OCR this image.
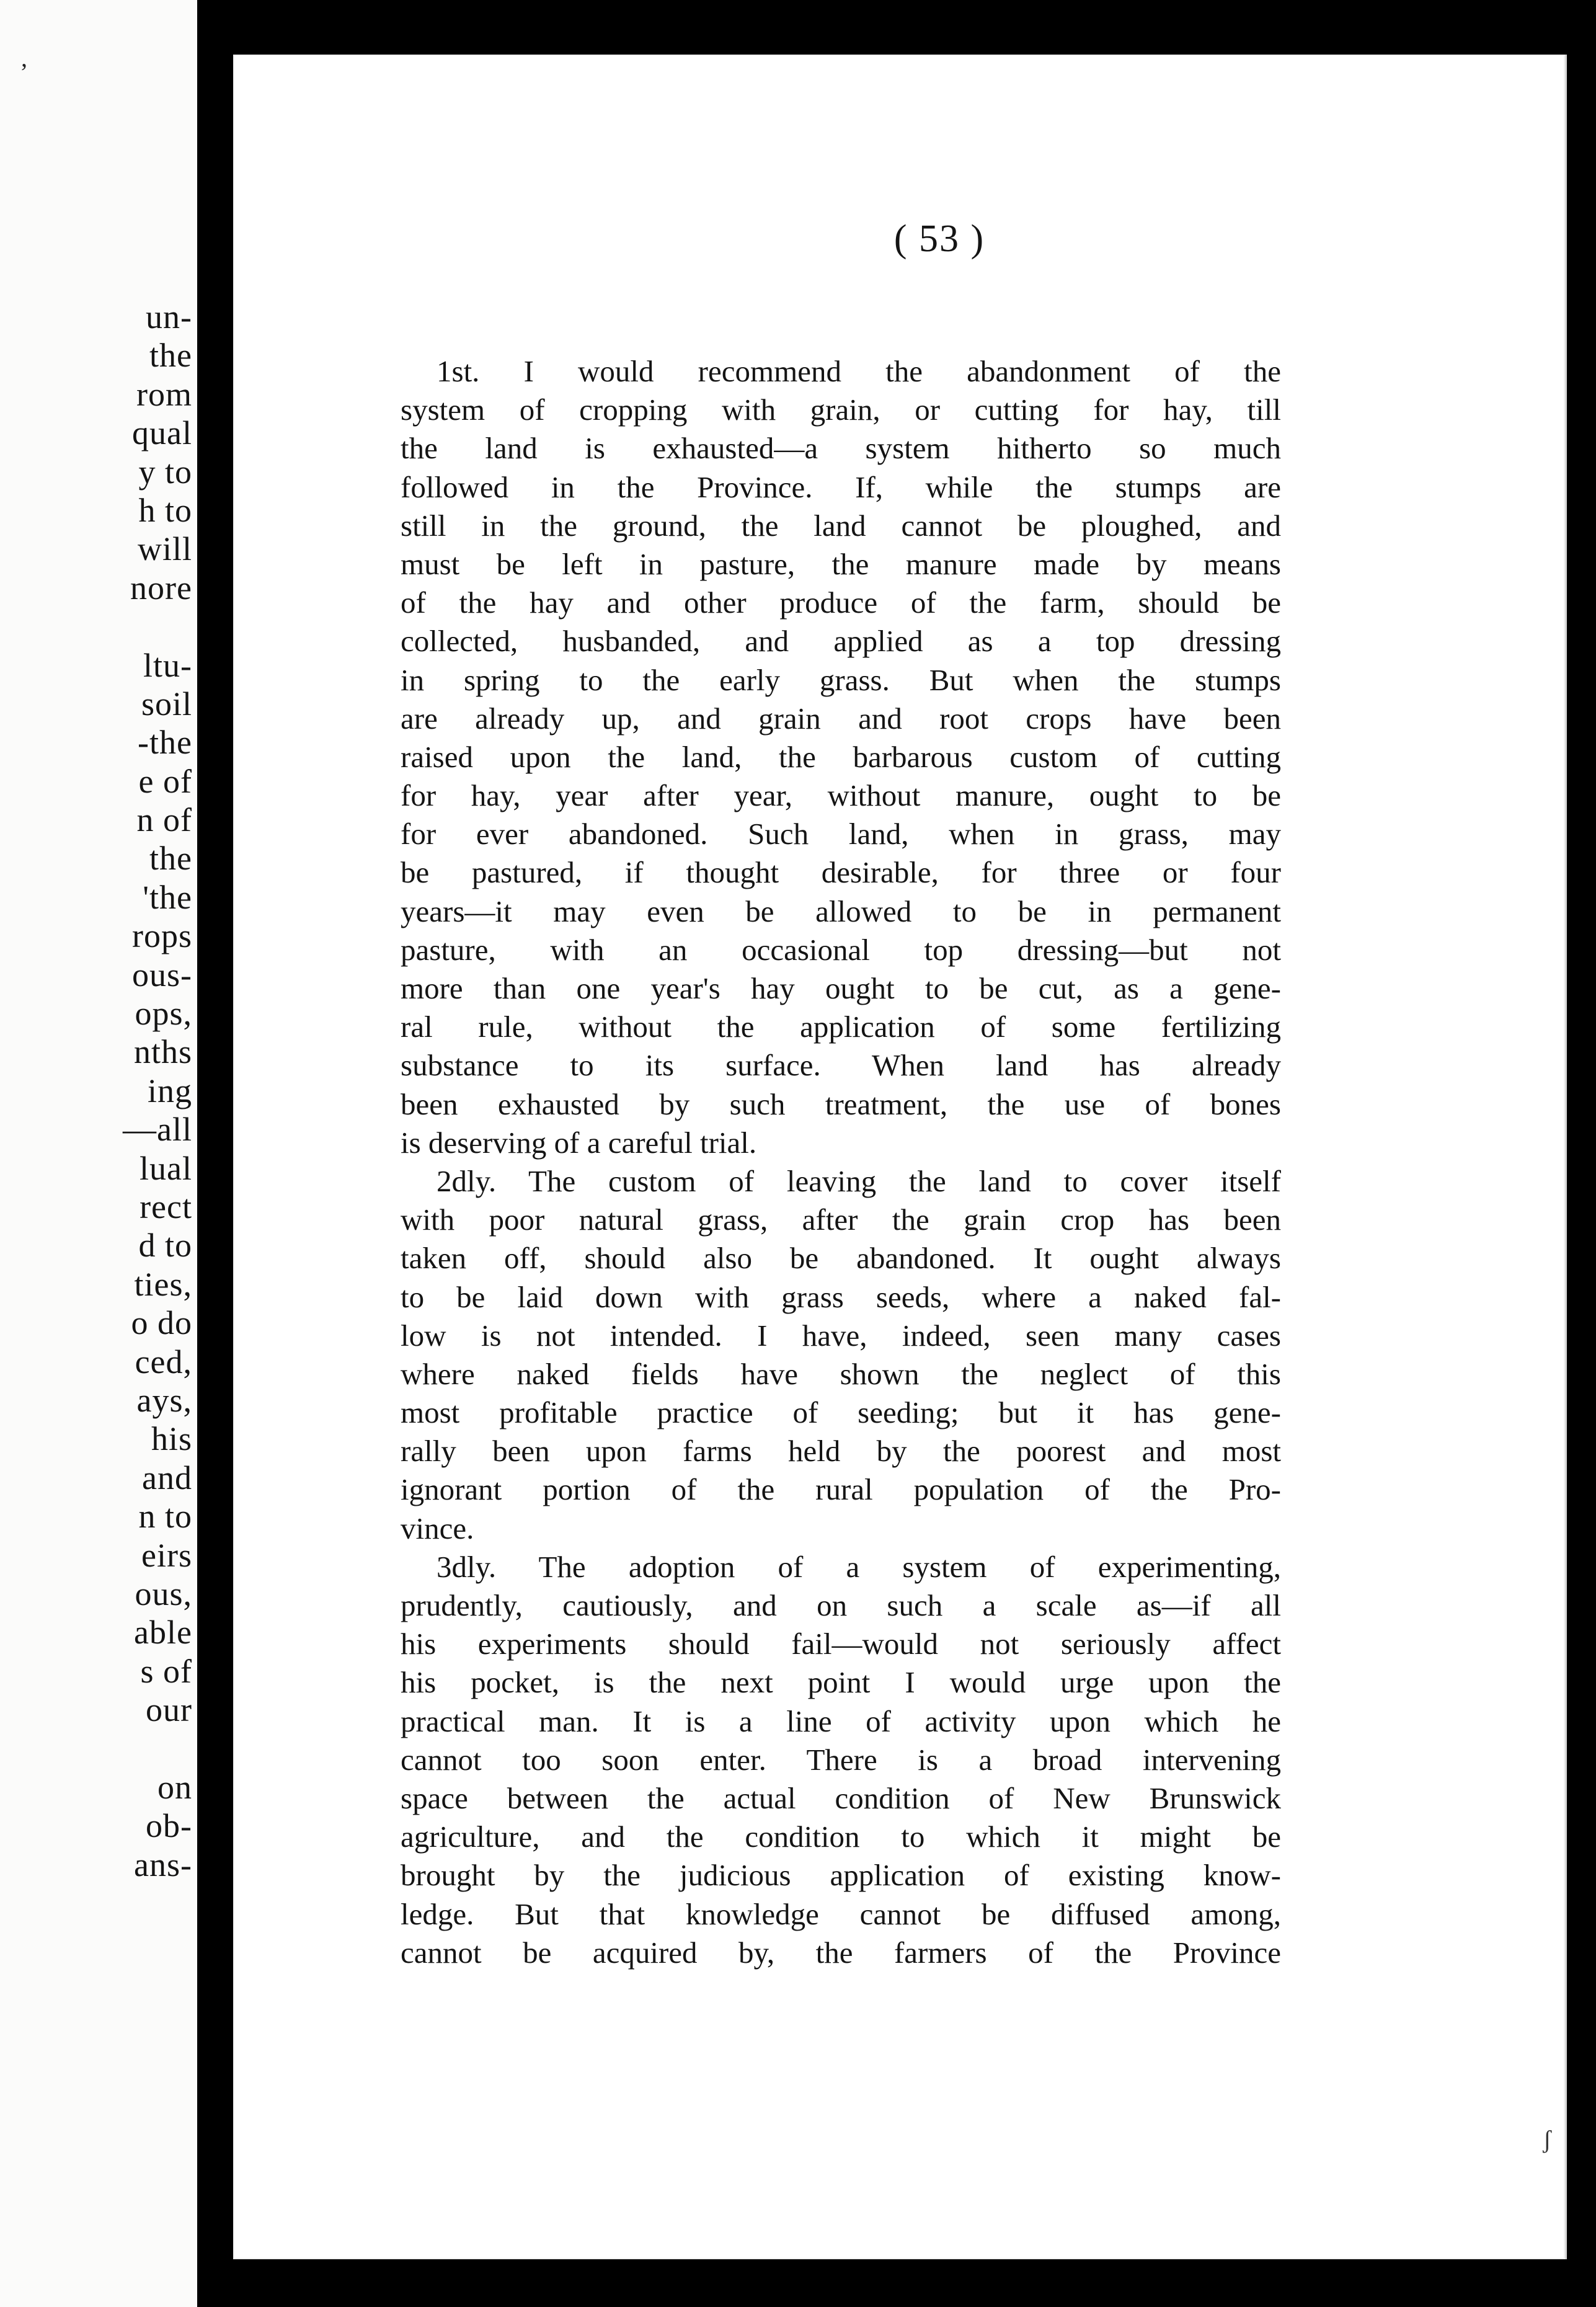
,
un-
the
rom
qual
y to
h to
will
nore
ltu-
soil
-the
e of
n of
the
'the
rops
ous-
ops,
nths
ing
—all
lual
rect
d to
ties,
o do
ced,
ays,
his
and
n to
eirs
ous,
able
s of
our
on
ob-
ans-
( 53 )
1st. I would recommend the abandonment of the
system of cropping with grain, or cutting for hay, till
the land is exhausted—a system hitherto so much
followed in the Province. If, while the stumps are
still in the ground, the land cannot be ploughed, and
must be left in pasture, the manure made by means
of the hay and other produce of the farm, should be
collected, husbanded, and applied as a top dressing
in spring to the early grass. But when the stumps
are already up, and grain and root crops have been
raised upon the land, the barbarous custom of cutting
for hay, year after year, without manure, ought to be
for ever abandoned. Such land, when in grass, may
be pastured, if thought desirable, for three or four
years—it may even be allowed to be in permanent
pasture, with an occasional top dressing—but not
more than one year's hay ought to be cut, as a gene-
ral rule, without the application of some fertilizing
substance to its surface. When land has already
been exhausted by such treatment, the use of bones
is deserving of a careful trial.
2dly. The custom of leaving the land to cover itself
with poor natural grass, after the grain crop has been
taken off, should also be abandoned. It ought always
to be laid down with grass seeds, where a naked fal-
low is not intended. I have, indeed, seen many cases
where naked fields have shown the neglect of this
most profitable practice of seeding; but it has gene-
rally been upon farms held by the poorest and most
ignorant portion of the rural population of the Pro-
vince.
3dly. The adoption of a system of experimenting,
prudently, cautiously, and on such a scale as—if all
his experiments should fail—would not seriously affect
his pocket, is the next point I would urge upon the
practical man. It is a line of activity upon which he
cannot too soon enter. There is a broad intervening
space between the actual condition of New Brunswick
agriculture, and the condition to which it might be
brought by the judicious application of existing know-
ledge. But that knowledge cannot be diffused among,
cannot be acquired by, the farmers of the Province
ʃ
